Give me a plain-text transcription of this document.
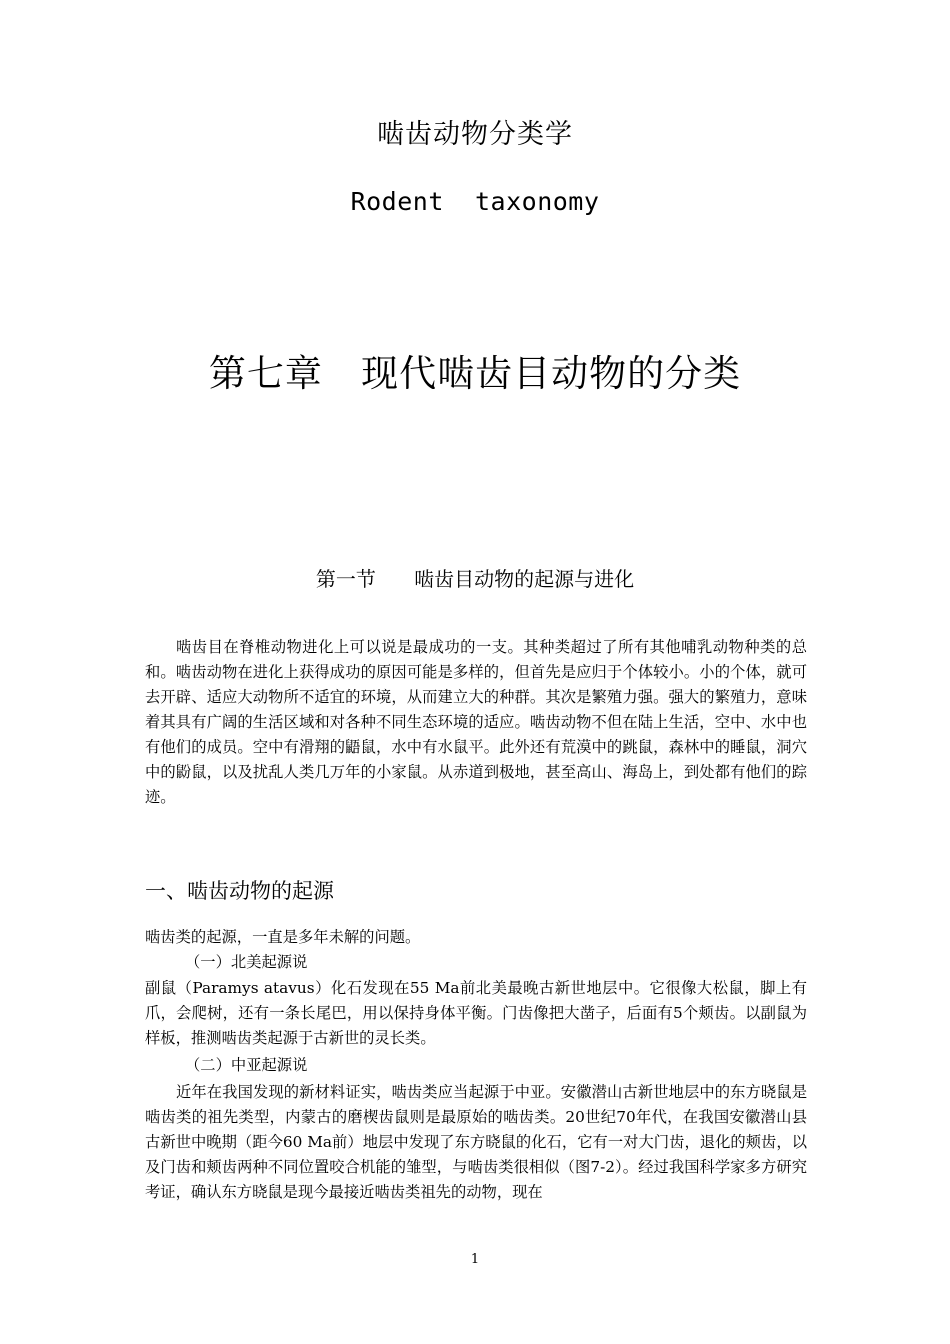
啮齿动物分类学
Rodent  taxonomy
第七章   现代啮齿目动物的分类
第一节      啮齿目动物的起源与进化
啮齿目在脊椎动物进化上可以说是最成功的一支。其种类超过了所有其他哺乳动物种类的总和。啮齿动物在进化上获得成功的原因可能是多样的，但首先是应归于个体较小。小的个体，就可去开辟、适应大动物所不适宜的环境，从而建立大的种群。其次是繁殖力强。强大的繁殖力，意味着其具有广阔的生活区域和对各种不同生态环境的适应。啮齿动物不但在陆上生活，空中、水中也有他们的成员。空中有滑翔的鼯鼠，水中有水鼠平。此外还有荒漠中的跳鼠，森林中的睡鼠，洞穴中的鼢鼠，以及扰乱人类几万年的小家鼠。从赤道到极地，甚至高山、海岛上，到处都有他们的踪迹。
一、啮齿动物的起源
啮齿类的起源，一直是多年未解的问题。
（一）北美起源说
副鼠（Paramys atavus）化石发现在55 Ma前北美最晚古新世地层中。它很像大松鼠，脚上有爪，会爬树，还有一条长尾巴，用以保持身体平衡。门齿像把大凿子，后面有5个颊齿。以副鼠为样板，推测啮齿类起源于古新世的灵长类。
（二）中亚起源说
近年在我国发现的新材料证实，啮齿类应当起源于中亚。安徽潜山古新世地层中的东方晓鼠是啮齿类的祖先类型，内蒙古的磨楔齿鼠则是最原始的啮齿类。20世纪70年代，在我国安徽潜山县古新世中晚期（距今60 Ma前）地层中发现了东方晓鼠的化石，它有一对大门齿，退化的颊齿，以及门齿和颊齿两种不同位置咬合机能的雏型，与啮齿类很相似（图7-2）。经过我国科学家多方研究考证，确认东方晓鼠是现今最接近啮齿类祖先的动物，现在
1
